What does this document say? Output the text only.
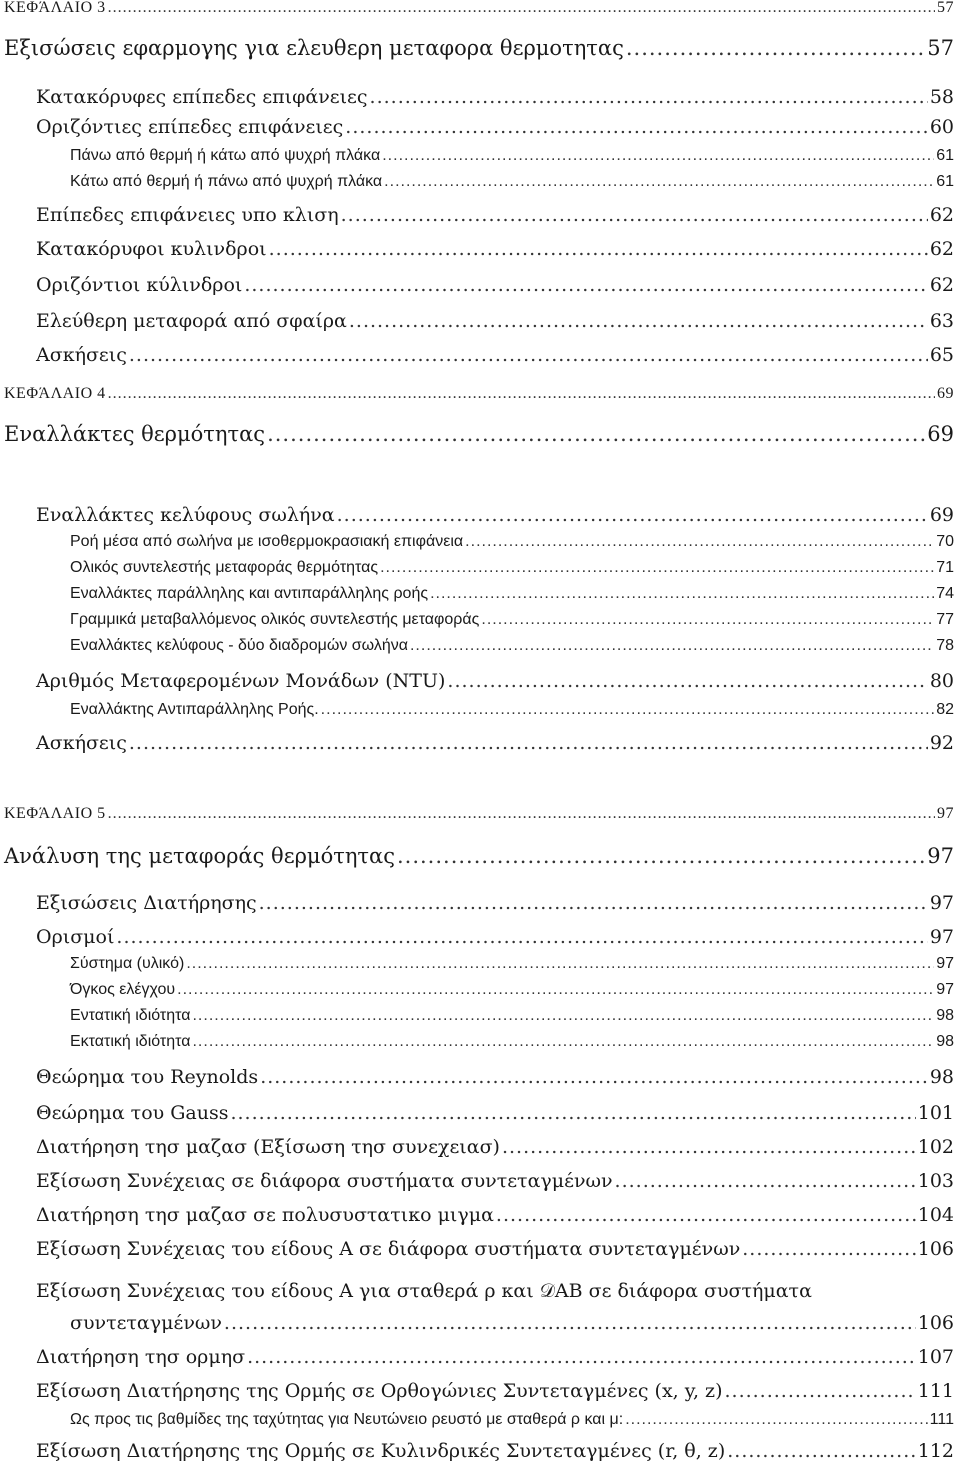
ΚΕΦΆΛΑΙΟ 3 .....	57
Εξισώσεις εφαρμογης για ελευθερη μεταφορα θερμοτητας .....	57
Κατακόρυφες επίπεδες επιφάνειες .....	58
Οριζόντιες επίπεδες επιφάνειες .....	60
Πάνω από θερμή ή κάτω από ψυχρή πλάκα .....	61
Κάτω από θερμή ή πάνω από ψυχρή πλάκα .....	61
Επίπεδες επιφάνειες υπο κλιση .....	62
Κατακόρυφοι κυλινδροι .....	62
Οριζόντιοι κύλινδροι .....	62
Ελεύθερη μεταφορά από σφαίρα .....	63
Ασκήσεις .....	65
ΚΕΦΆΛΑΙΟ 4 .....	69
Εναλλάκτες θερμότητας .....	69
Εναλλάκτες κελύφους σωλήνα .....	69
Ροή μέσα από σωλήνα με ισοθερμοκρασιακή επιφάνεια .....	70
Ολικός συντελεστής μεταφοράς θερμότητας .....	71
Εναλλάκτες παράλληλης και αντιπαράλληλης ροής .....	74
Γραμμικά μεταβαλλόμενος ολικός συντελεστής μεταφοράς .....	77
Εναλλάκτες κελύφους - δύο διαδρομών σωλήνα .....	78
Αριθμός Μεταφερομένων Μονάδων (NTU) .....	80
Εναλλάκτης Αντιπαράλληλης Ροής. .....	82
Ασκήσεις .....	92
ΚΕΦΆΛΑΙΟ 5 .....	97
Ανάλυση της μεταφοράς θερμότητας .....	97
Εξισώσεις Διατήρησης .....	97
Ορισμοί .....	97
Σύστημα (υλικό) .....	97
Όγκος ελέγχου .....	97
Εντατική ιδιότητα .....	98
Εκτατική ιδιότητα .....	98
Θεώρημα του Reynolds .....	98
Θεώρημα του Gauss .....	101
Διατήρηση τησ μαζασ (Εξίσωση τησ συνεχειασ) .....	102
Εξίσωση Συνέχειας σε διάφορα συστήματα συντεταγμένων .....	103
Διατήρηση τησ μαζασ σε πολυσυστατικο μιγμα .....	104
Εξίσωση Συνέχειας του είδους A σε διάφορα συστήματα συντεταγμένων .....	106
Εξίσωση Συνέχειας του είδους A για σταθερά ρ και 𝒟AB σε διάφορα συστήματα
συντεταγμένων .....	106
Διατήρηση τησ ορμησ .....	107
Εξίσωση Διατήρησης της Ορμής σε Ορθογώνιες Συντεταγμένες (x, y, z) .....	111
Ως προς τις βαθμίδες της ταχύτητας για Νευτώνειο ρευστό με σταθερά ρ και μ: .....	111
Εξίσωση Διατήρησης της Ορμής σε Κυλινδρικές Συντεταγμένες (r, θ, z) .....	112
